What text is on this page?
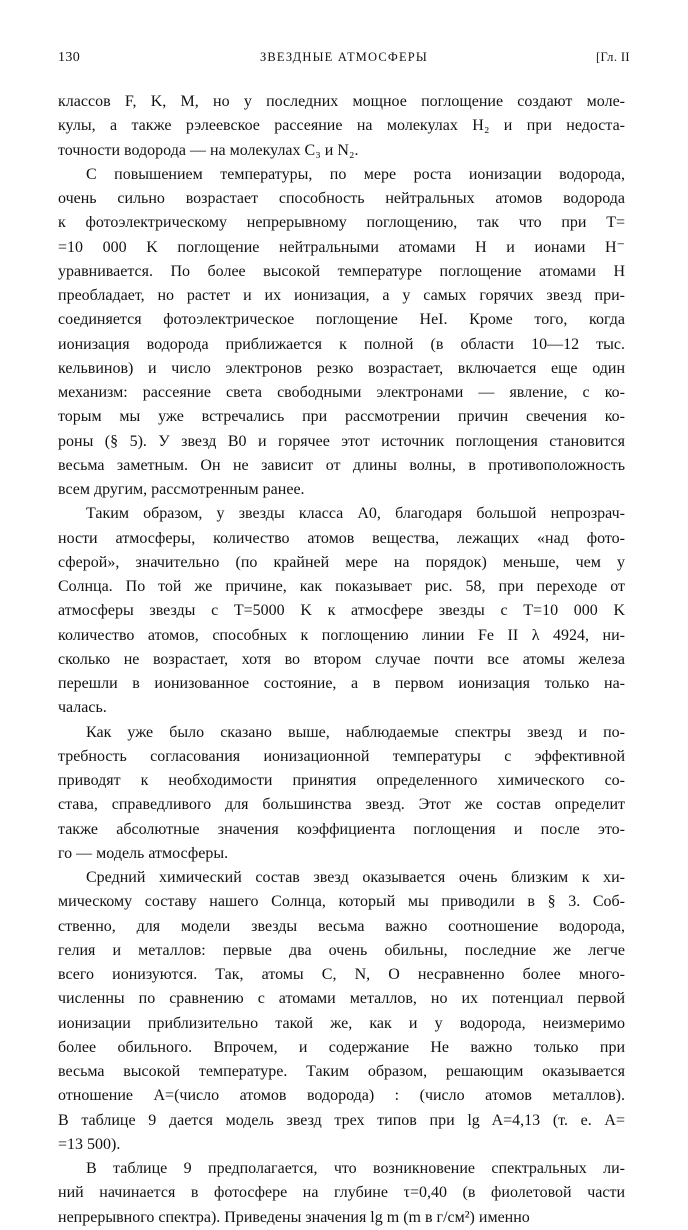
130	ЗВЕЗДНЫЕ АТМОСФЕРЫ	[Гл. II
классов F, K, M, но у последних мощное поглощение создают моле-
кулы, а также рэлеевское рассеяние на молекулах H₂ и при недоста-
точности водорода — на молекулах C₃ и N₂.
С повышением температуры, по мере роста ионизации водорода,
очень сильно возрастает способность нейтральных атомов водорода
к фотоэлектрическому непрерывному поглощению, так что при T=
=10 000 K поглощение нейтральными атомами H и ионами H⁻
уравнивается. По более высокой температуре поглощение атомами H
преобладает, но растет и их ионизация, а у самых горячих звезд при-
соединяется фотоэлектрическое поглощение HeI. Кроме того, когда
ионизация водорода приближается к полной (в области 10—12 тыс.
кельвинов) и число электронов резко возрастает, включается еще один
механизм: рассеяние света свободными электронами — явление, с ко-
торым мы уже встречались при рассмотрении причин свечения ко-
роны (§ 5). У звезд B0 и горячее этот источник поглощения становится
весьма заметным. Он не зависит от длины волны, в противоположность
всем другим, рассмотренным ранее.
Таким образом, у звезды класса A0, благодаря большой непрозрач-
ности атмосферы, количество атомов вещества, лежащих «над фото-
сферой», значительно (по крайней мере на порядок) меньше, чем у
Солнца. По той же причине, как показывает рис. 58, при переходе от
атмосферы звезды с T=5000 K к атмосфере звезды с T=10 000 K
количество атомов, способных к поглощению линии Fe II λ 4924, ни-
сколько не возрастает, хотя во втором случае почти все атомы железа
перешли в ионизованное состояние, а в первом ионизация только на-
чалась.
Как уже было сказано выше, наблюдаемые спектры звезд и по-
требность согласования ионизационной температуры с эффективной
приводят к необходимости принятия определенного химического со-
става, справедливого для большинства звезд. Этот же состав определит
также абсолютные значения коэффициента поглощения и после это-
го — модель атмосферы.
Средний химический состав звезд оказывается очень близким к хи-
мическому составу нашего Солнца, который мы приводили в § 3. Соб-
ственно, для модели звезды весьма важно соотношение водорода,
гелия и металлов: первые два очень обильны, последние же легче
всего ионизуются. Так, атомы C, N, O несравненно более много-
численны по сравнению с атомами металлов, но их потенциал первой
ионизации приблизительно такой же, как и у водорода, неизмеримо
более обильного. Впрочем, и содержание He важно только при
весьма высокой температуре. Таким образом, решающим оказывается
отношение A=(число атомов водорода) : (число атомов металлов).
В таблице 9 дается модель звезд трех типов при lg A=4,13 (т. е. A=
=13 500).
В таблице 9 предполагается, что возникновение спектральных ли-
ний начинается в фотосфере на глубине τ=0,40 (в фиолетовой части
непрерывного спектра). Приведены значения lg m (m в г/см²) именно
